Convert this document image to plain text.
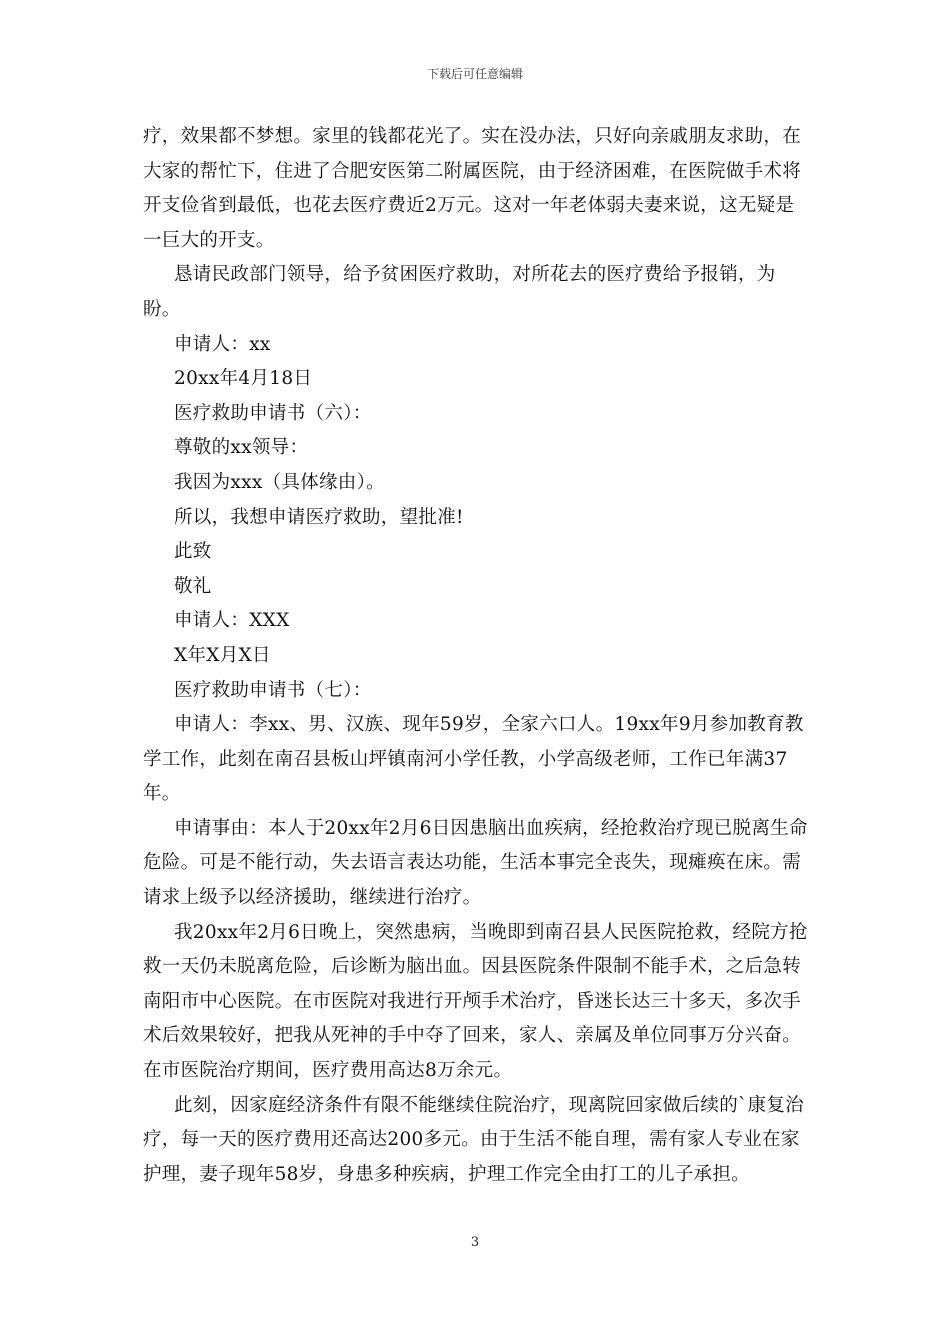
下载后可任意编辑

疗，效果都不梦想。家里的钱都花光了。实在没办法，只好向亲戚朋友求助，在大家的帮忙下，住进了合肥安医第二附属医院，由于经济困难，在医院做手术将开支俭省到最低，也花去医疗费近2万元。这对一年老体弱夫妻来说，这无疑是一巨大的开支。

恳请民政部门领导，给予贫困医疗救助，对所花去的医疗费给予报销，为盼。

申请人：xx

20xx年4月18日

医疗救助申请书（六）：

尊敬的xx领导：

我因为xxx（具体缘由）。

所以，我想申请医疗救助，望批准!

此致

敬礼

申请人：XXX

X年X月X日

医疗救助申请书（七）：

申请人：李xx、男、汉族、现年59岁，全家六口人。19xx年9月参加教育教学工作，此刻在南召县板山坪镇南河小学任教，小学高级老师，工作已年满37年。

申请事由：本人于20xx年2月6日因患脑出血疾病，经抢救治疗现已脱离生命危险。可是不能行动，失去语言表达功能，生活本事完全丧失，现瘫痪在床。需请求上级予以经济援助，继续进行治疗。

我20xx年2月6日晚上，突然患病，当晚即到南召县人民医院抢救，经院方抢救一天仍未脱离危险，后诊断为脑出血。因县医院条件限制不能手术，之后急转南阳市中心医院。在市医院对我进行开颅手术治疗，昏迷长达三十多天，多次手术后效果较好，把我从死神的手中夺了回来，家人、亲属及单位同事万分兴奋。在市医院治疗期间，医疗费用高达8万余元。

此刻，因家庭经济条件有限不能继续住院治疗，现离院回家做后续的`康复治疗，每一天的医疗费用还高达200多元。由于生活不能自理，需有家人专业在家护理，妻子现年58岁，身患多种疾病，护理工作完全由打工的儿子承担。

3
